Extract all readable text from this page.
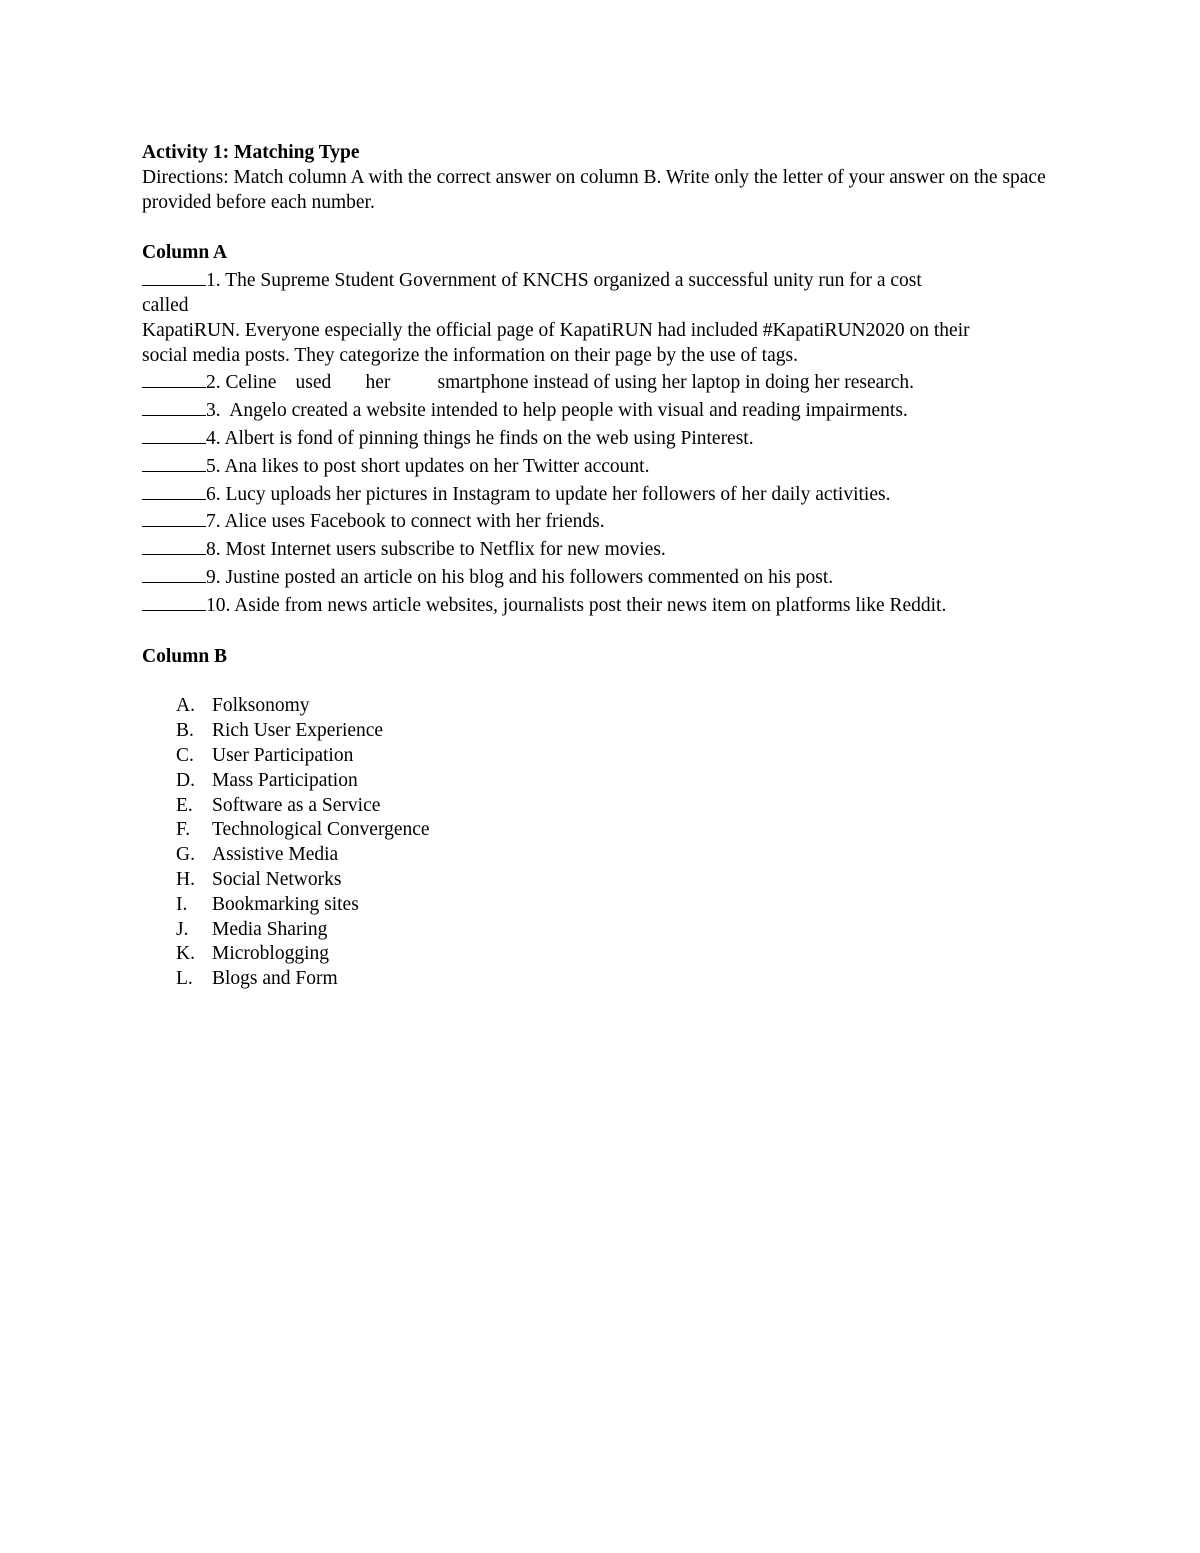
Activity 1: Matching Type
Directions: Match column A with the correct answer on column B. Write only the letter of your answer on the space provided before each number.
Column A
1. The Supreme Student Government of KNCHS organized a successful unity run for a cost
called
KapatiRUN. Everyone especially the official page of KapatiRUN had included #KapatiRUN2020 on their
social media posts. They categorize the information on their page by the use of tags.
2. Celine used her smartphone instead of using her laptop in doing her research.
3.  Angelo created a website intended to help people with visual and reading impairments.
4. Albert is fond of pinning things he finds on the web using Pinterest.
5. Ana likes to post short updates on her Twitter account.
6. Lucy uploads her pictures in Instagram to update her followers of her daily activities.
7. Alice uses Facebook to connect with her friends.
8. Most Internet users subscribe to Netflix for new movies.
9. Justine posted an article on his blog and his followers commented on his post.
10. Aside from news article websites, journalists post their news item on platforms like Reddit.
Column B
A. Folksonomy
B. Rich User Experience
C. User Participation
D. Mass Participation
E. Software as a Service
F. Technological Convergence
G. Assistive Media
H. Social Networks
I. Bookmarking sites
J. Media Sharing
K. Microblogging
L. Blogs and Form
